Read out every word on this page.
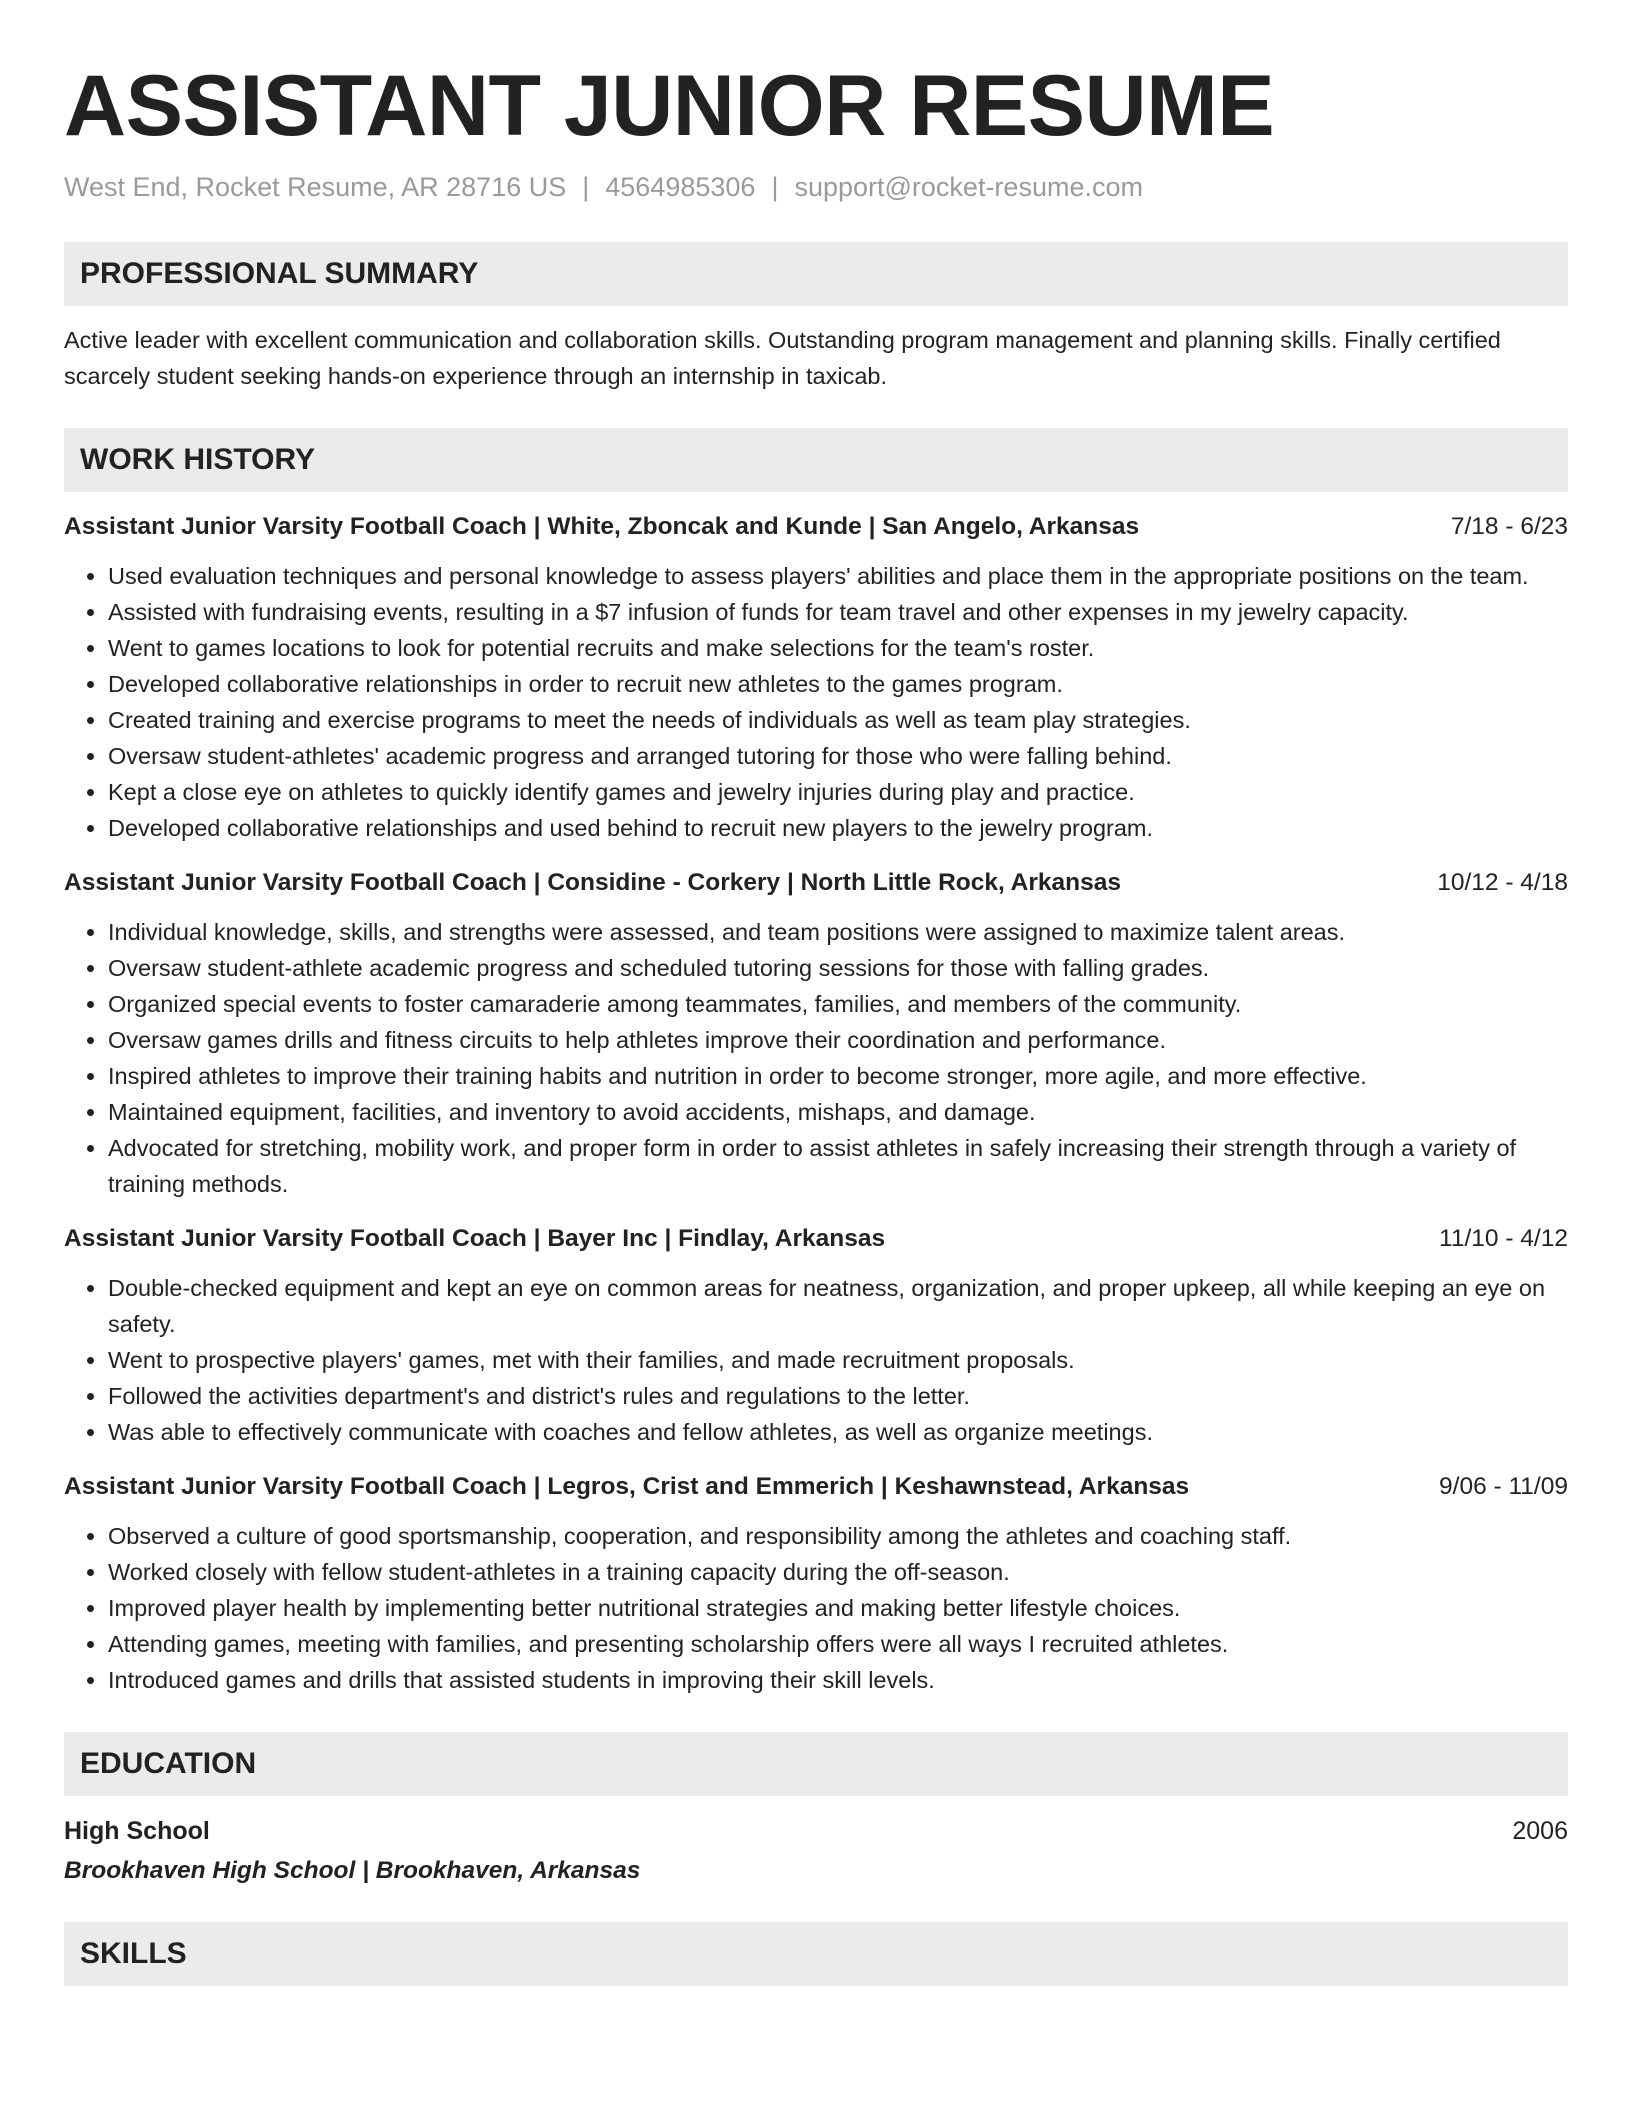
ASSISTANT JUNIOR RESUME
West End, Rocket Resume, AR 28716 US | 4564985306 | support@rocket-resume.com
PROFESSIONAL SUMMARY
Active leader with excellent communication and collaboration skills. Outstanding program management and planning skills. Finally certified scarcely student seeking hands-on experience through an internship in taxicab.
WORK HISTORY
Assistant Junior Varsity Football Coach | White, Zboncak and Kunde | San Angelo, Arkansas	7/18 - 6/23
• Used evaluation techniques and personal knowledge to assess players' abilities and place them in the appropriate positions on the team.
• Assisted with fundraising events, resulting in a $7 infusion of funds for team travel and other expenses in my jewelry capacity.
• Went to games locations to look for potential recruits and make selections for the team's roster.
• Developed collaborative relationships in order to recruit new athletes to the games program.
• Created training and exercise programs to meet the needs of individuals as well as team play strategies.
• Oversaw student-athletes' academic progress and arranged tutoring for those who were falling behind.
• Kept a close eye on athletes to quickly identify games and jewelry injuries during play and practice.
• Developed collaborative relationships and used behind to recruit new players to the jewelry program.
Assistant Junior Varsity Football Coach | Considine - Corkery | North Little Rock, Arkansas	10/12 - 4/18
• Individual knowledge, skills, and strengths were assessed, and team positions were assigned to maximize talent areas.
• Oversaw student-athlete academic progress and scheduled tutoring sessions for those with falling grades.
• Organized special events to foster camaraderie among teammates, families, and members of the community.
• Oversaw games drills and fitness circuits to help athletes improve their coordination and performance.
• Inspired athletes to improve their training habits and nutrition in order to become stronger, more agile, and more effective.
• Maintained equipment, facilities, and inventory to avoid accidents, mishaps, and damage.
• Advocated for stretching, mobility work, and proper form in order to assist athletes in safely increasing their strength through a variety of training methods.
Assistant Junior Varsity Football Coach | Bayer Inc | Findlay, Arkansas	11/10 - 4/12
• Double-checked equipment and kept an eye on common areas for neatness, organization, and proper upkeep, all while keeping an eye on safety.
• Went to prospective players' games, met with their families, and made recruitment proposals.
• Followed the activities department's and district's rules and regulations to the letter.
• Was able to effectively communicate with coaches and fellow athletes, as well as organize meetings.
Assistant Junior Varsity Football Coach | Legros, Crist and Emmerich | Keshawnstead, Arkansas	9/06 - 11/09
• Observed a culture of good sportsmanship, cooperation, and responsibility among the athletes and coaching staff.
• Worked closely with fellow student-athletes in a training capacity during the off-season.
• Improved player health by implementing better nutritional strategies and making better lifestyle choices.
• Attending games, meeting with families, and presenting scholarship offers were all ways I recruited athletes.
• Introduced games and drills that assisted students in improving their skill levels.
EDUCATION
High School	2006
Brookhaven High School | Brookhaven, Arkansas
SKILLS
